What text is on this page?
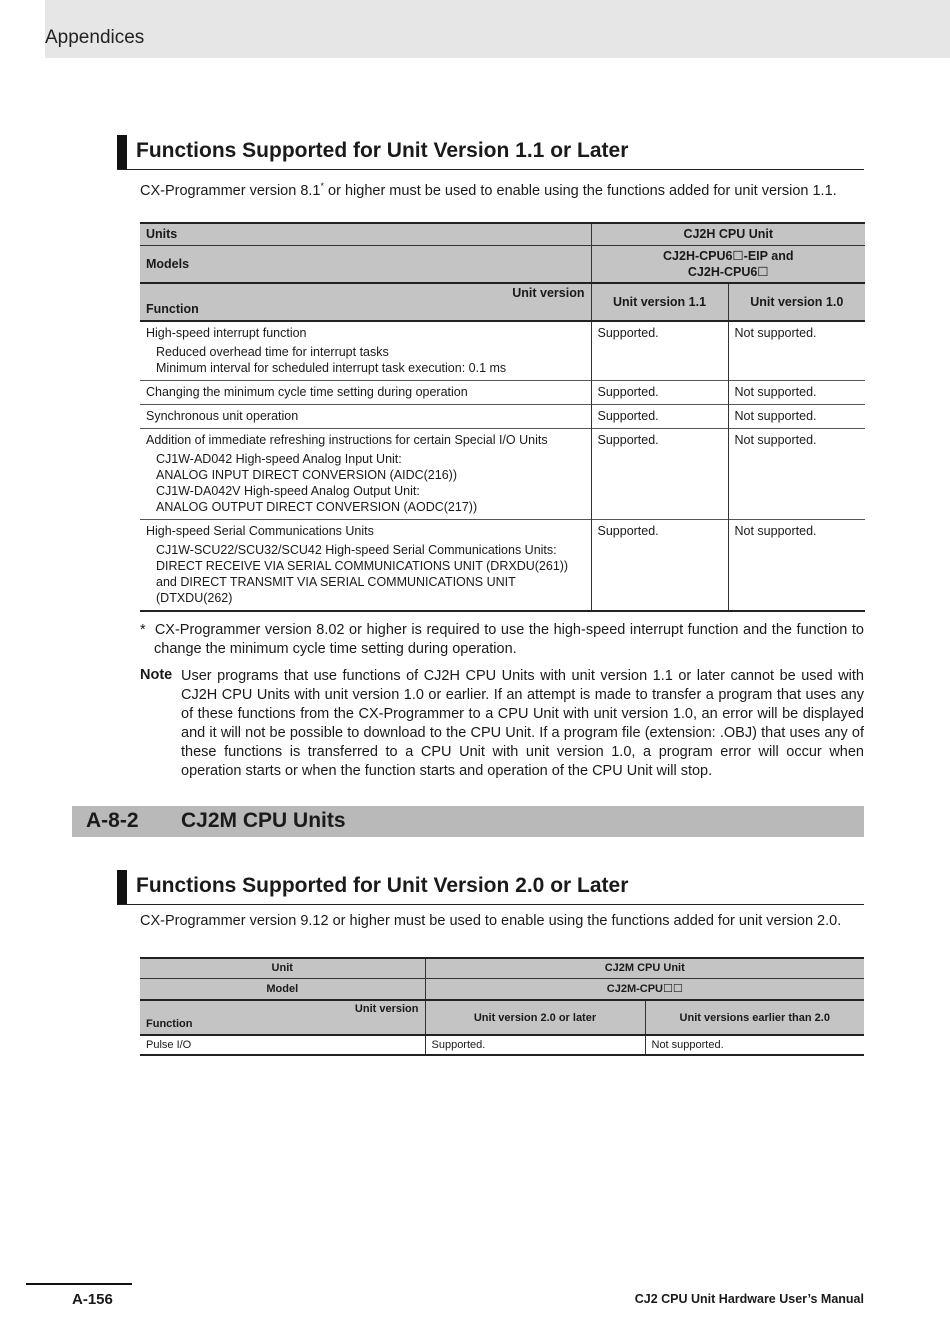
Appendices
Functions Supported for Unit Version 1.1 or Later

CX-Programmer version 8.1* or higher must be used to enable using the functions added for unit version 1.1.

Units	CJ2H CPU Unit	
Models	CJ2H-CPU6☐-EIP and
CJ2H-CPU6☐	

Unit version
Function	Unit version 1.1	Unit version 1.0

High-speed interrupt function
Reduced overhead time for interrupt tasks
Minimum interval for scheduled interrupt task execution: 0.1 ms	Supported.	Not supported.

Changing the minimum cycle time setting during operation	Supported.	Not supported.

Synchronous unit operation	Supported.	Not supported.

Addition of immediate refreshing instructions for certain Special I/O Units
CJ1W-AD042 High-speed Analog Input Unit:
ANALOG INPUT DIRECT CONVERSION (AIDC(216))
CJ1W-DA042V High-speed Analog Output Unit:
ANALOG OUTPUT DIRECT CONVERSION (AODC(217))	Supported.	Not supported.

High-speed Serial Communications Units
CJ1W-SCU22/SCU32/SCU42 High-speed Serial Communications Units:
DIRECT RECEIVE VIA SERIAL COMMUNICATIONS UNIT (DRXDU(261))
and DIRECT TRANSMIT VIA SERIAL COMMUNICATIONS UNIT
(DTXDU(262)	Supported.	Not supported.
* CX-Programmer version 8.02 or higher is required to use the high-speed interrupt function and the function to change the minimum cycle time setting during operation.
Note User programs that use functions of CJ2H CPU Units with unit version 1.1 or later cannot be used with CJ2H CPU Units with unit version 1.0 or earlier. If an attempt is made to transfer a program that uses any of these functions from the CX-Programmer to a CPU Unit with unit version 1.0, an error will be displayed and it will not be possible to download to the CPU Unit. If a program file (extension: .OBJ) that uses any of these functions is transferred to a CPU Unit with unit version 1.0, a program error will occur when operation starts or when the function starts and operation of the CPU Unit will stop.

A-8-2 CJ2M CPU Units
Functions Supported for Unit Version 2.0 or Later

CX-Programmer version 9.12 or higher must be used to enable using the functions added for unit version 2.0.

Unit	CJ2M CPU Unit	
Model	CJ2M-CPU☐☐	

Unit version
Function	Unit version 2.0 or later	Unit versions earlier than 2.0
Pulse I/O	Supported.	Not supported.
A-156	CJ2 CPU Unit Hardware User’s Manual
